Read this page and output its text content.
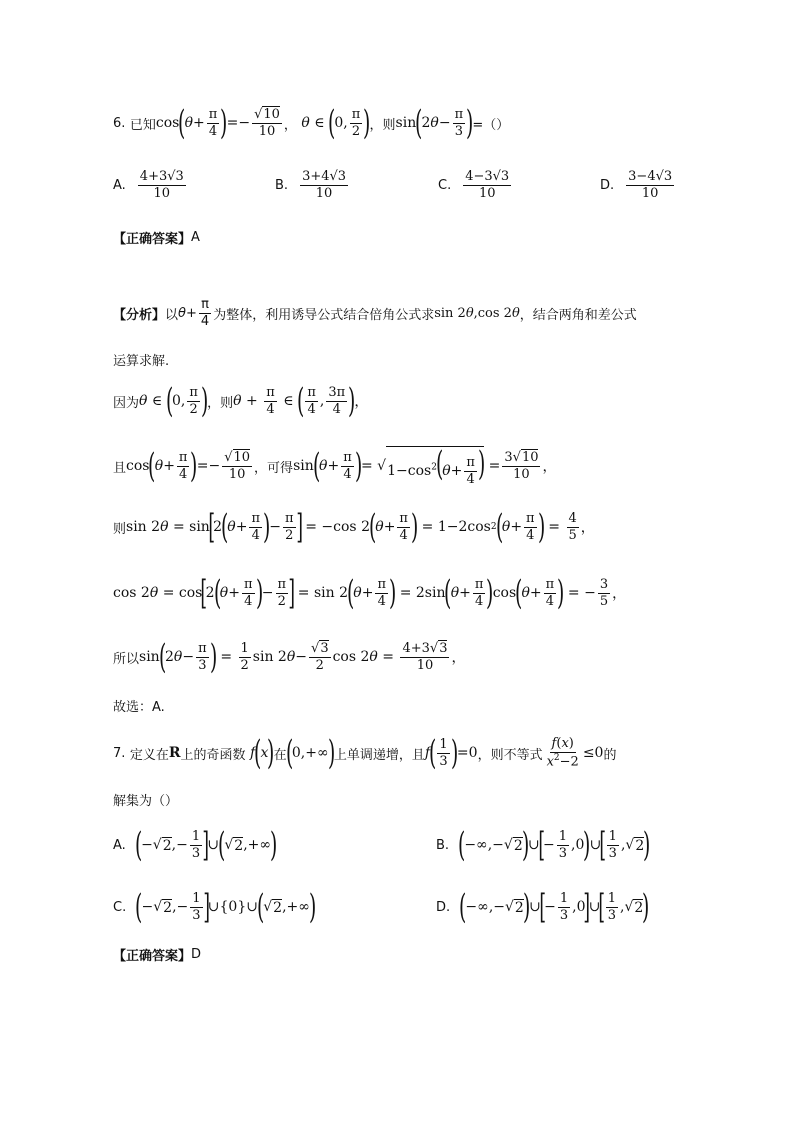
6.
已知 cos
(
θ +
π
4 )
=−
√10
10 ，
θ ∈
(
0,
π
2 )
，则 sin
(
2 θ −
π
3 )
=（）
A.
4+3√3
10
B.
3+4√3
10
C.
4−3√3
10
D.
3−4√3
10
【正确答案】 A
【分析】 以 θ +
π
4 为整体，利用诱导公式结合倍角公式求 sin 2θ,cos 2θ ，结合两角和差公式
运算求解.
因为 θ ∈
(
0,
π
2 )
，则 θ +
π
4 ∈
( π
4 ,
3π
4 )
，
且 cos
(
θ +
π
4 )
=−
√10
10 ，可得 sin
(
θ +
π
4 )
= √ $1-\cos^2(\theta+ \frac{\pi}{4}$ )
=
3√10
10 ，
则 sin 2 θ = sin
[
2
(
θ +
π
4 )
−
π
2 ]
= −cos 2
(
θ +
π
4 )
= 1−2cos 2
(
θ +
π
4 )
=
4
5 ，
cos 2 θ = cos
[
2
(
θ +
π
4 )
−
π
2 ]
= sin 2
(
θ +
π
4 )
= 2sin
(
θ +
π
4 )
cos
(
θ +
π
4 )
= −
3
5 ，
所以 sin
(
2 θ −
π
3 )
=
1
2 sin 2 θ −
√3
2 cos 2 θ =
4+3√3
10 ，
故选：A.
7.
定义在 R 上的奇函数
f
(
x
)
在
(
0,+∞
)
上单调递增，且 f
( 1
3 )
=0 ，则不等式
f(x)
$x^2-2$
≤0 的
解集为（）
A. (
−√ 2 ,−
1
3 ]
∪
(
√ 2 ,+∞
)	B. (
−∞,−√ 2
)
∪
[
−
1
3 ,0
)
∪
[ 1
3 ,√ 2
)
C. (
−√ 2 ,−
1
3 ]
∪{0}∪
(
√ 2 ,+∞
)	D. (
−∞,−√ 2
)
∪
[
−
1
3 ,0
]
∪
[ 1
3 ,√ 2
)
【正确答案】 D
